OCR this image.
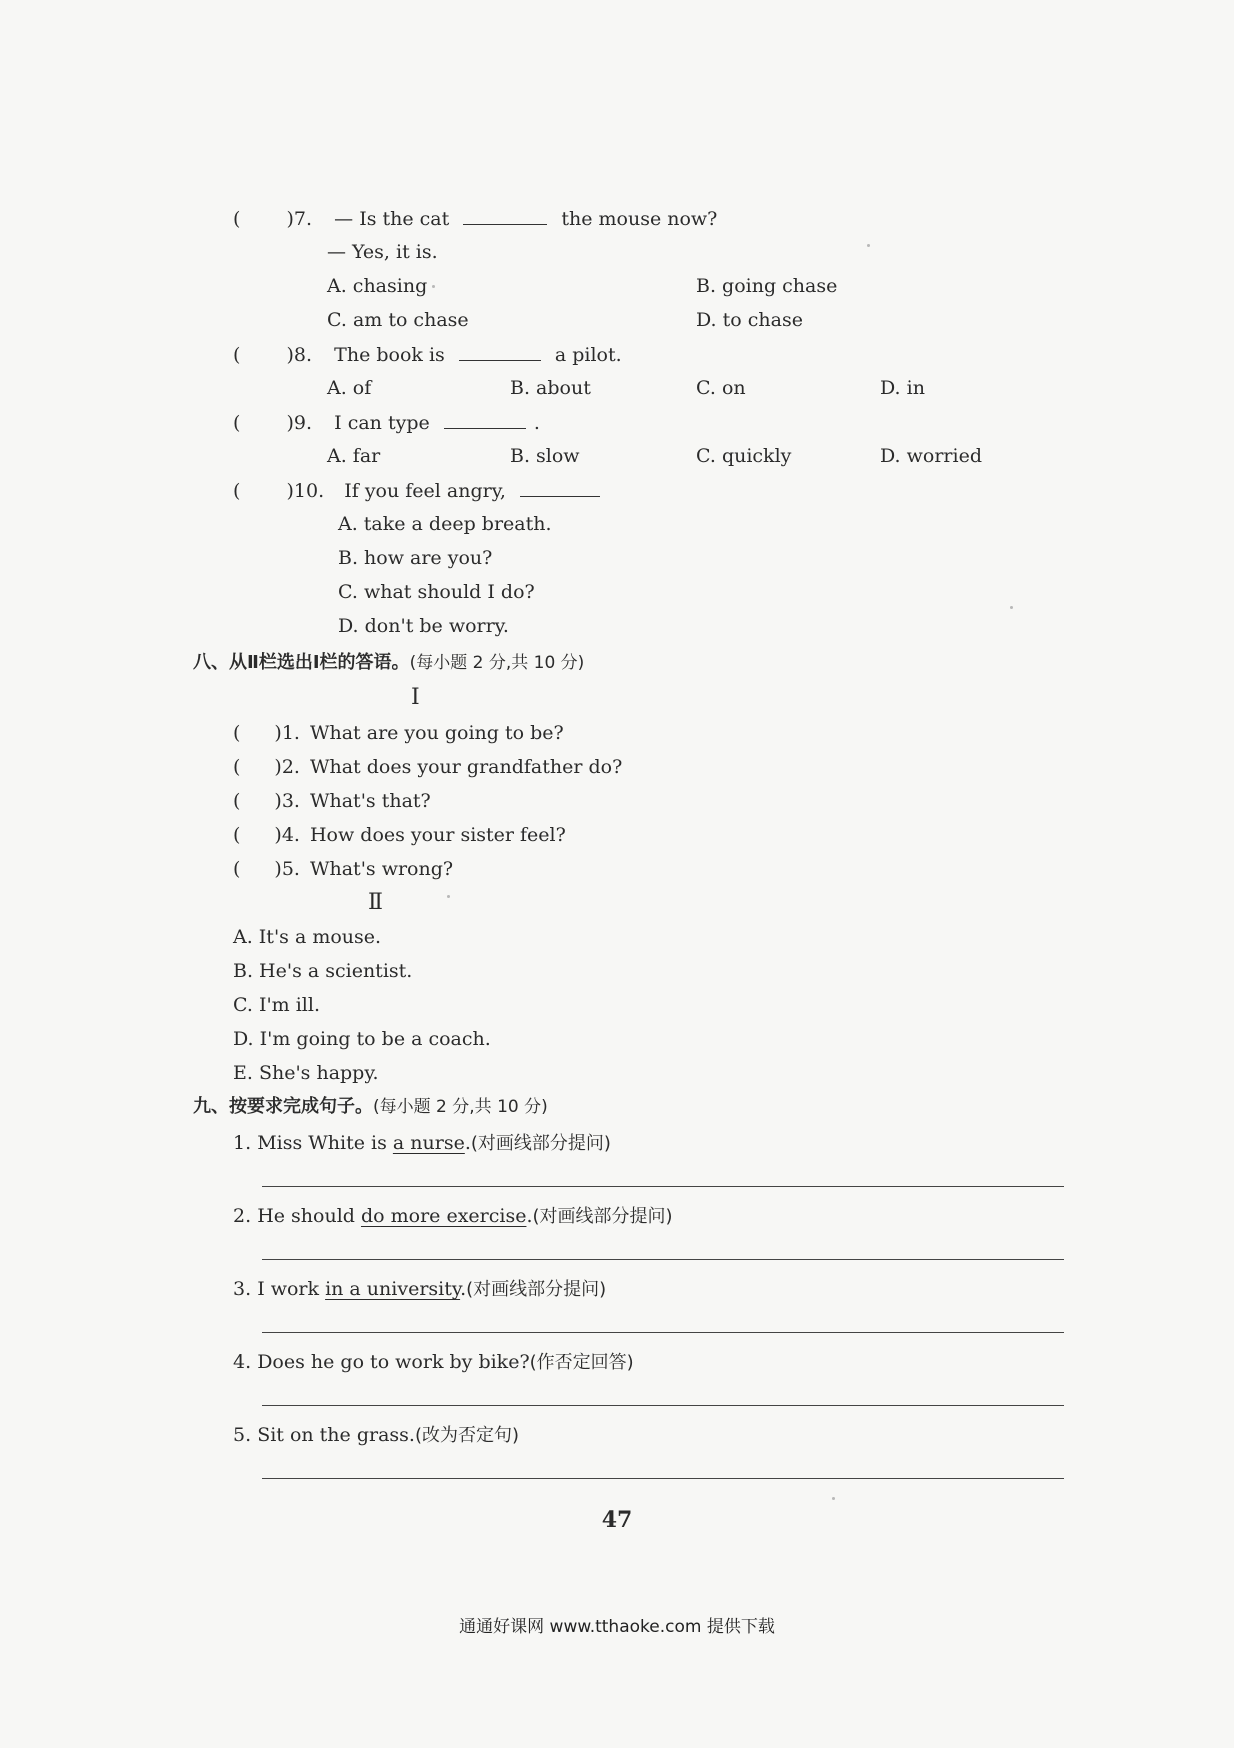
( )7. — Is the cat	the mouse now?
— Yes, it is.
A. chasing	B. going chase
C. am to chase	D. to chase
( )8. The book is	a pilot.
A. of	B. about	C. on	D. in
( )9. I can type	.
A. far	B. slow	C. quickly	D. worried
( )10. If you feel angry,
A. take a deep breath.
B. how are you?
C. what should I do?
D. don't be worry.
八、从Ⅱ栏选出Ⅰ栏的答语。(每小题 2 分,共 10 分)
Ⅰ
( )1. What are you going to be?
( )2. What does your grandfather do?
( )3. What's that?
( )4. How does your sister feel?
( )5. What's wrong?
Ⅱ
A. It's a mouse.
B. He's a scientist.
C. I'm ill.
D. I'm going to be a coach.
E. She's happy.
九、按要求完成句子。(每小题 2 分,共 10 分)
1. Miss White is a nurse.(对画线部分提问)
2. He should do more exercise.(对画线部分提问)
3. I work in a university.(对画线部分提问)
4. Does he go to work by bike?(作否定回答)
5. Sit on the grass.(改为否定句)
47
通通好课网 www.tthaoke.com 提供下载
